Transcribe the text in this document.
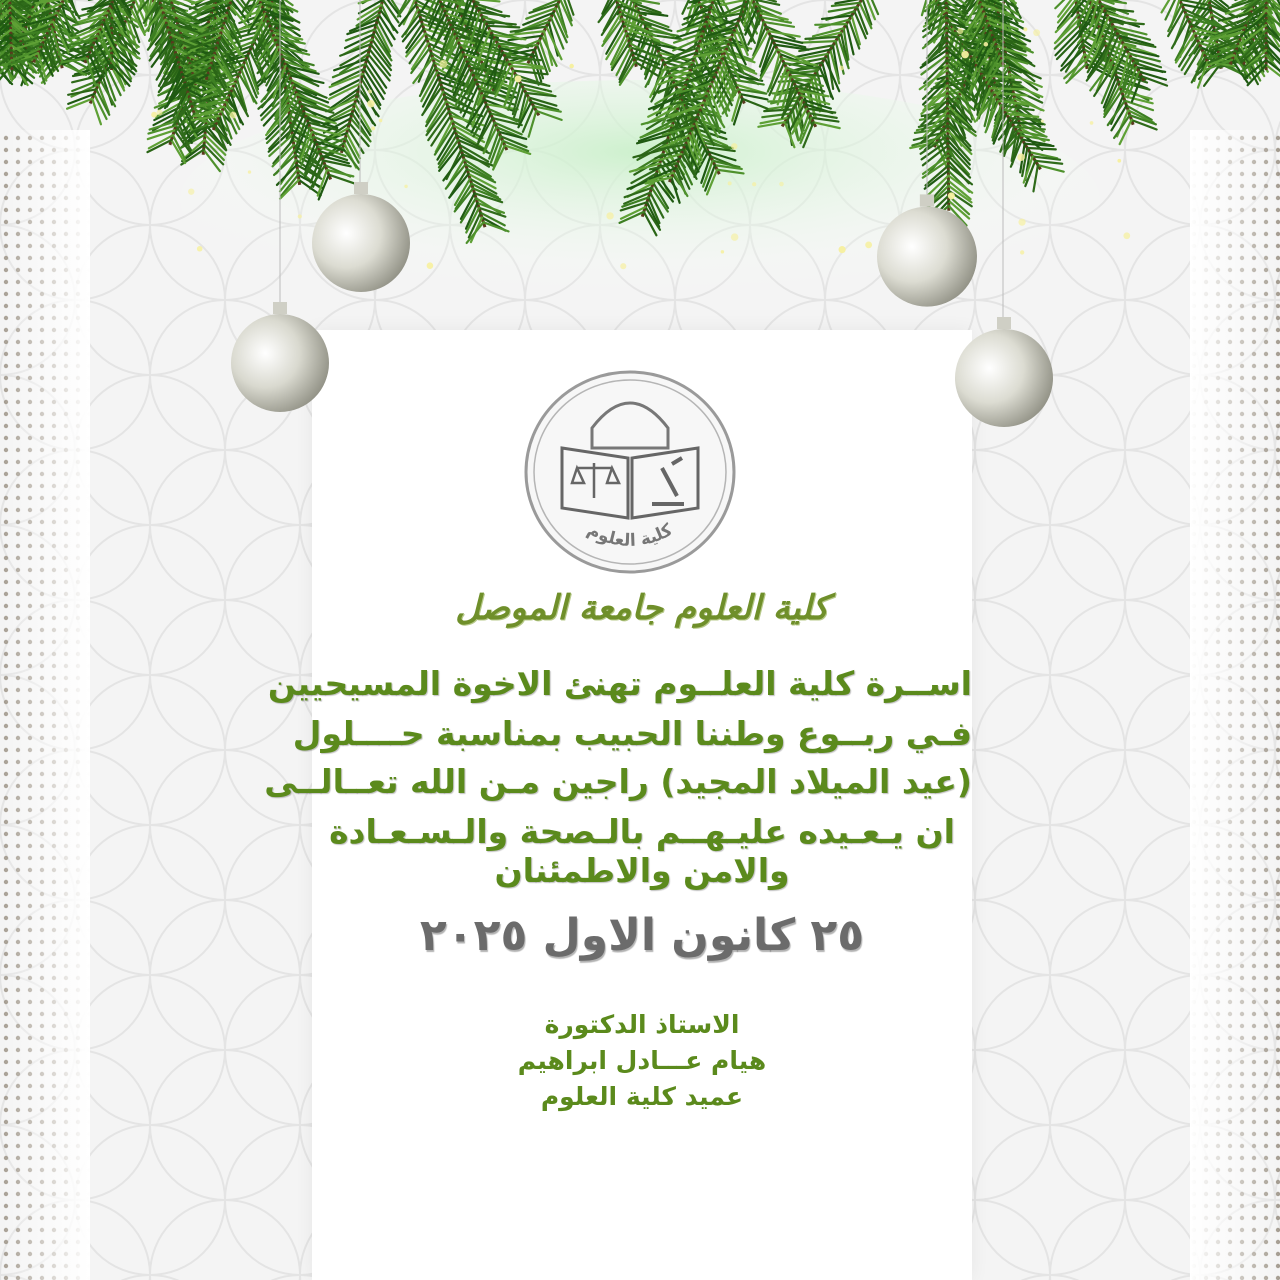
كلية العلوم
كلية العلوم جامعة الموصل
اســرة كلية العلــوم تهنئ الاخوة المسيحيين
فـي ربــوع وطننا الحبيب بمناسبة حــــلول
(عيد الميلاد المجيد) راجين مـن الله تعــالــى
ان يـعـيده عليـهــم بالـصحة والـسـعـادة
والامن والاطمئنان
٢٥ كانون الاول ٢٠٢٥
الاستاذ الدكتورة
هيام عـــادل ابراهيم
عميد كلية العلوم
